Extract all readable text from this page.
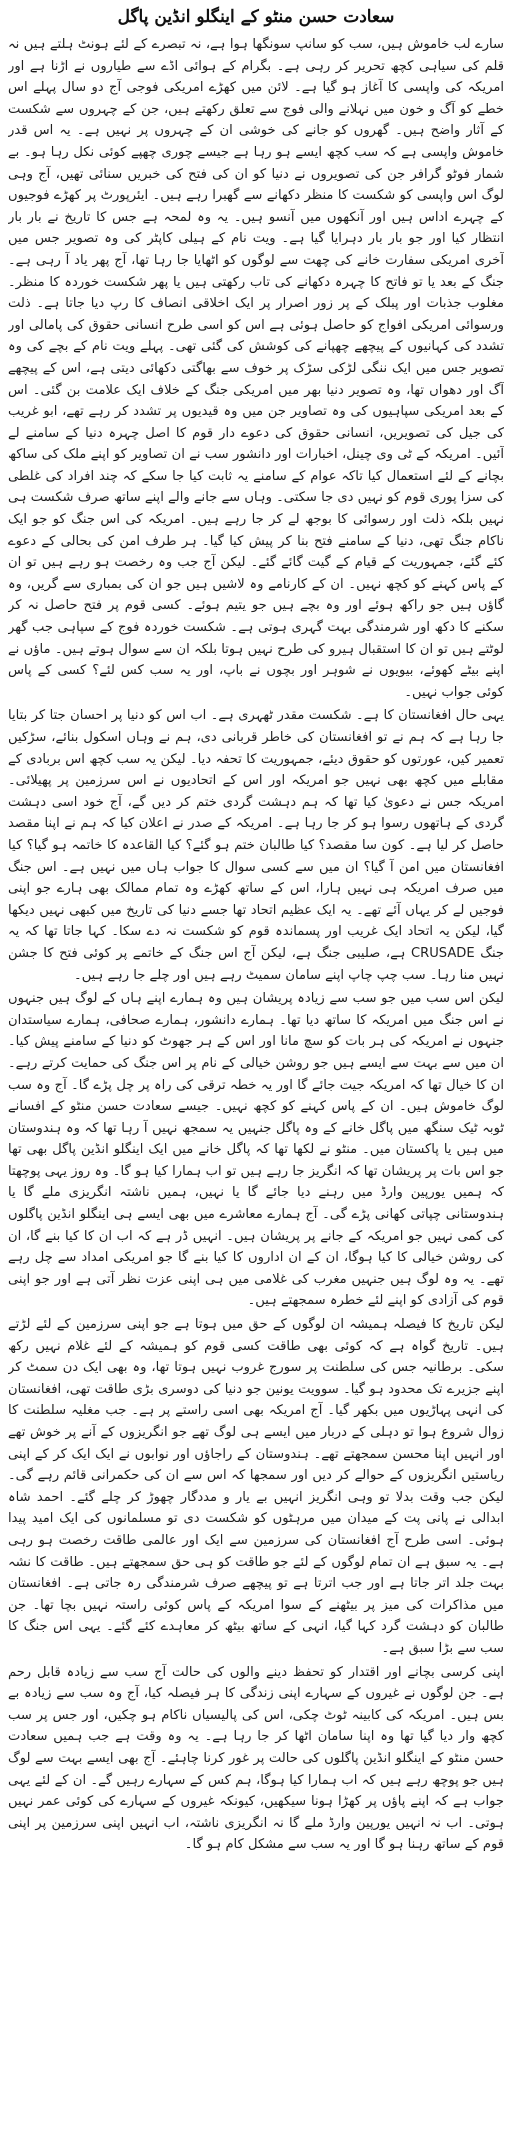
سعادت حسن منٹو کے اینگلو انڈین پاگل

سارے لب خاموش ہیں، سب کو سانپ سونگھا ہوا ہے، نہ تبصرے کے لئے ہونٹ ہلتے ہیں نہ قلم کی سیاہی کچھ تحریر کر رہی ہے۔ بگرام کے ہوائی اڈے سے طیاروں نے اڑنا ہے اور امریکہ کی واپسی کا آغاز ہو گیا ہے۔ لائن میں کھڑے امریکی فوجی آج دو سال پہلے اس خطے کو آگ و خون میں نہلانے والی فوج سے تعلق رکھتے ہیں، جن کے چہروں سے شکست کے آثار واضح ہیں۔ گھروں کو جانے کی خوشی ان کے چہروں پر نہیں ہے۔ یہ اس قدر خاموش واپسی ہے کہ سب کچھ ایسے ہو رہا ہے جیسے چوری چھپے کوئی نکل رہا ہو۔ بے شمار فوٹو گرافر جن کی تصویروں نے دنیا کو ان کی فتح کی خبریں سنائی تھیں، آج وہی لوگ اس واپسی کو شکست کا منظر دکھانے سے گھبرا رہے ہیں۔ ایئرپورٹ پر کھڑے فوجیوں کے چہرے اداس ہیں اور آنکھوں میں آنسو ہیں۔ یہ وہ لمحہ ہے جس کا تاریخ نے بار بار انتظار کیا اور جو بار بار دہرایا گیا ہے۔ ویت نام کے ہیلی کاپٹر کی وہ تصویر جس میں آخری امریکی سفارت خانے کی چھت سے لوگوں کو اٹھایا جا رہا تھا، آج پھر یاد آ رہی ہے۔ جنگ کے بعد یا تو فاتح کا چہرہ دکھانے کی تاب رکھتی ہیں یا پھر شکست خوردہ کا منظر۔ مغلوب جذبات اور پبلک کے پر زور اصرار پر ایک اخلاقی انصاف کا رپ دیا جاتا ہے۔ ذلت ورسوائی امریکی افواج کو حاصل ہوئی ہے اس کو اسی طرح انسانی حقوق کی پامالی اور تشدد کی کہانیوں کے پیچھے چھپانے کی کوشش کی گئی تھی۔ پہلے ویت نام کے بچے کی وہ تصویر جس میں ایک ننگی لڑکی سڑک پر خوف سے بھاگتی دکھائی دیتی ہے، اس کے پیچھے آگ اور دھواں تھا، وہ تصویر دنیا بھر میں امریکی جنگ کے خلاف ایک علامت بن گئی۔ اس کے بعد امریکی سپاہیوں کی وہ تصاویر جن میں وہ قیدیوں پر تشدد کر رہے تھے، ابو غریب کی جیل کی تصویریں، انسانی حقوق کی دعوے دار قوم کا اصل چہرہ دنیا کے سامنے لے آئیں۔ امریکہ کے ٹی وی چینل، اخبارات اور دانشور سب نے ان تصاویر کو اپنے ملک کی ساکھ بچانے کے لئے استعمال کیا تاکہ عوام کے سامنے یہ ثابت کیا جا سکے کہ چند افراد کی غلطی کی سزا پوری قوم کو نہیں دی جا سکتی۔ وہاں سے جانے والے اپنے ساتھ صرف شکست ہی نہیں بلکہ ذلت اور رسوائی کا بوجھ لے کر جا رہے ہیں۔ امریکہ کی اس جنگ کو جو ایک ناکام جنگ تھی، دنیا کے سامنے فتح بنا کر پیش کیا گیا۔ ہر طرف امن کی بحالی کے دعوے کئے گئے، جمہوریت کے قیام کے گیت گائے گئے۔ لیکن آج جب وہ رخصت ہو رہے ہیں تو ان کے پاس کہنے کو کچھ نہیں۔ ان کے کارنامے وہ لاشیں ہیں جو ان کی بمباری سے گریں، وہ گاؤں ہیں جو راکھ ہوئے اور وہ بچے ہیں جو یتیم ہوئے۔ کسی قوم پر فتح حاصل نہ کر سکنے کا دکھ اور شرمندگی بہت گہری ہوتی ہے۔ شکست خوردہ فوج کے سپاہی جب گھر لوٹتے ہیں تو ان کا استقبال ہیرو کی طرح نہیں ہوتا بلکہ ان سے سوال ہوتے ہیں۔ ماؤں نے اپنے بیٹے کھوئے، بیویوں نے شوہر اور بچوں نے باپ، اور یہ سب کس لئے؟ کسی کے پاس کوئی جواب نہیں۔

یہی حال افغانستان کا ہے۔ شکست مقدر ٹھہری ہے۔ اب اس کو دنیا پر احسان جتا کر بتایا جا رہا ہے کہ ہم نے تو افغانستان کی خاطر قربانی دی، ہم نے وہاں اسکول بنائے، سڑکیں تعمیر کیں، عورتوں کو حقوق دیئے، جمہوریت کا تحفہ دیا۔ لیکن یہ سب کچھ اس بربادی کے مقابلے میں کچھ بھی نہیں جو امریکہ اور اس کے اتحادیوں نے اس سرزمین پر پھیلائی۔ امریکہ جس نے دعویٰ کیا تھا کہ ہم دہشت گردی ختم کر دیں گے، آج خود اسی دہشت گردی کے ہاتھوں رسوا ہو کر جا رہا ہے۔ امریکہ کے صدر نے اعلان کیا کہ ہم نے اپنا مقصد حاصل کر لیا ہے۔ کون سا مقصد؟ کیا طالبان ختم ہو گئے؟ کیا القاعدہ کا خاتمہ ہو گیا؟ کیا افغانستان میں امن آ گیا؟ ان میں سے کسی سوال کا جواب ہاں میں نہیں ہے۔ اس جنگ میں صرف امریکہ ہی نہیں ہارا، اس کے ساتھ کھڑے وہ تمام ممالک بھی ہارے جو اپنی فوجیں لے کر یہاں آئے تھے۔ یہ ایک عظیم اتحاد تھا جسے دنیا کی تاریخ میں کبھی نہیں دیکھا گیا، لیکن یہ اتحاد ایک غریب اور پسماندہ قوم کو شکست نہ دے سکا۔ کہا جاتا تھا کہ یہ جنگ CRUSADE ہے، صلیبی جنگ ہے، لیکن آج اس جنگ کے خاتمے پر کوئی فتح کا جشن نہیں منا رہا۔ سب چپ چاپ اپنے سامان سمیٹ رہے ہیں اور چلے جا رہے ہیں۔

لیکن اس سب میں جو سب سے زیادہ پریشان ہیں وہ ہمارے اپنے ہاں کے لوگ ہیں جنہوں نے اس جنگ میں امریکہ کا ساتھ دیا تھا۔ ہمارے دانشور، ہمارے صحافی، ہمارے سیاستدان جنہوں نے امریکہ کی ہر بات کو سچ مانا اور اس کے ہر جھوٹ کو دنیا کے سامنے پیش کیا۔ ان میں سے بہت سے ایسے ہیں جو روشن خیالی کے نام پر اس جنگ کی حمایت کرتے رہے۔ ان کا خیال تھا کہ امریکہ جیت جائے گا اور یہ خطہ ترقی کی راہ پر چل پڑے گا۔ آج وہ سب لوگ خاموش ہیں۔ ان کے پاس کہنے کو کچھ نہیں۔ جیسے سعادت حسن منٹو کے افسانے ٹوبہ ٹیک سنگھ میں پاگل خانے کے وہ پاگل جنہیں یہ سمجھ نہیں آ رہا تھا کہ وہ ہندوستان میں ہیں یا پاکستان میں۔ منٹو نے لکھا تھا کہ پاگل خانے میں ایک اینگلو انڈین پاگل بھی تھا جو اس بات پر پریشان تھا کہ انگریز جا رہے ہیں تو اب ہمارا کیا ہو گا۔ وہ روز یہی پوچھتا کہ ہمیں یورپین وارڈ میں رہنے دیا جائے گا یا نہیں، ہمیں ناشتہ انگریزی ملے گا یا ہندوستانی چپاتی کھانی پڑے گی۔ آج ہمارے معاشرے میں بھی ایسے ہی اینگلو انڈین پاگلوں کی کمی نہیں جو امریکہ کے جانے پر پریشان ہیں۔ انہیں ڈر ہے کہ اب ان کا کیا بنے گا، ان کی روشن خیالی کا کیا ہوگا، ان کے ان اداروں کا کیا بنے گا جو امریکی امداد سے چل رہے تھے۔ یہ وہ لوگ ہیں جنہیں مغرب کی غلامی میں ہی اپنی عزت نظر آتی ہے اور جو اپنی قوم کی آزادی کو اپنے لئے خطرہ سمجھتے ہیں۔

لیکن تاریخ کا فیصلہ ہمیشہ ان لوگوں کے حق میں ہوتا ہے جو اپنی سرزمین کے لئے لڑتے ہیں۔ تاریخ گواہ ہے کہ کوئی بھی طاقت کسی قوم کو ہمیشہ کے لئے غلام نہیں رکھ سکی۔ برطانیہ جس کی سلطنت پر سورج غروب نہیں ہوتا تھا، وہ بھی ایک دن سمٹ کر اپنے جزیرے تک محدود ہو گیا۔ سوویت یونین جو دنیا کی دوسری بڑی طاقت تھی، افغانستان کی انہی پہاڑیوں میں بکھر گیا۔ آج امریکہ بھی اسی راستے پر ہے۔ جب مغلیہ سلطنت کا زوال شروع ہوا تو دہلی کے دربار میں ایسے ہی لوگ تھے جو انگریزوں کے آنے پر خوش تھے اور انہیں اپنا محسن سمجھتے تھے۔ ہندوستان کے راجاؤں اور نوابوں نے ایک ایک کر کے اپنی ریاستیں انگریزوں کے حوالے کر دیں اور سمجھا کہ اس سے ان کی حکمرانی قائم رہے گی۔ لیکن جب وقت بدلا تو وہی انگریز انہیں بے یار و مددگار چھوڑ کر چلے گئے۔ احمد شاہ ابدالی نے پانی پت کے میدان میں مرہٹوں کو شکست دی تو مسلمانوں کی ایک امید پیدا ہوئی۔ اسی طرح آج افغانستان کی سرزمین سے ایک اور عالمی طاقت رخصت ہو رہی ہے۔ یہ سبق ہے ان تمام لوگوں کے لئے جو طاقت کو ہی حق سمجھتے ہیں۔ طاقت کا نشہ بہت جلد اتر جاتا ہے اور جب اترتا ہے تو پیچھے صرف شرمندگی رہ جاتی ہے۔ افغانستان میں مذاکرات کی میز پر بیٹھنے کے سوا امریکہ کے پاس کوئی راستہ نہیں بچا تھا۔ جن طالبان کو دہشت گرد کہا گیا، انہی کے ساتھ بیٹھ کر معاہدے کئے گئے۔ یہی اس جنگ کا سب سے بڑا سبق ہے۔

اپنی کرسی بچانے اور اقتدار کو تحفظ دینے والوں کی حالت آج سب سے زیادہ قابل رحم ہے۔ جن لوگوں نے غیروں کے سہارے اپنی زندگی کا ہر فیصلہ کیا، آج وہ سب سے زیادہ بے بس ہیں۔ امریکہ کی کابینہ ٹوٹ چکی، اس کی پالیسیاں ناکام ہو چکیں، اور جس پر سب کچھ وار دیا گیا تھا وہ اپنا سامان اٹھا کر جا رہا ہے۔ یہ وہ وقت ہے جب ہمیں سعادت حسن منٹو کے اینگلو انڈین پاگلوں کی حالت پر غور کرنا چاہئے۔ آج بھی ایسے بہت سے لوگ ہیں جو پوچھ رہے ہیں کہ اب ہمارا کیا ہوگا، ہم کس کے سہارے رہیں گے۔ ان کے لئے یہی جواب ہے کہ اپنے پاؤں پر کھڑا ہونا سیکھیں، کیونکہ غیروں کے سہارے کی کوئی عمر نہیں ہوتی۔ اب نہ انہیں یورپین وارڈ ملے گا نہ انگریزی ناشتہ، اب انہیں اپنی سرزمین پر اپنی قوم کے ساتھ رہنا ہو گا اور یہ سب سے مشکل کام ہو گا۔
